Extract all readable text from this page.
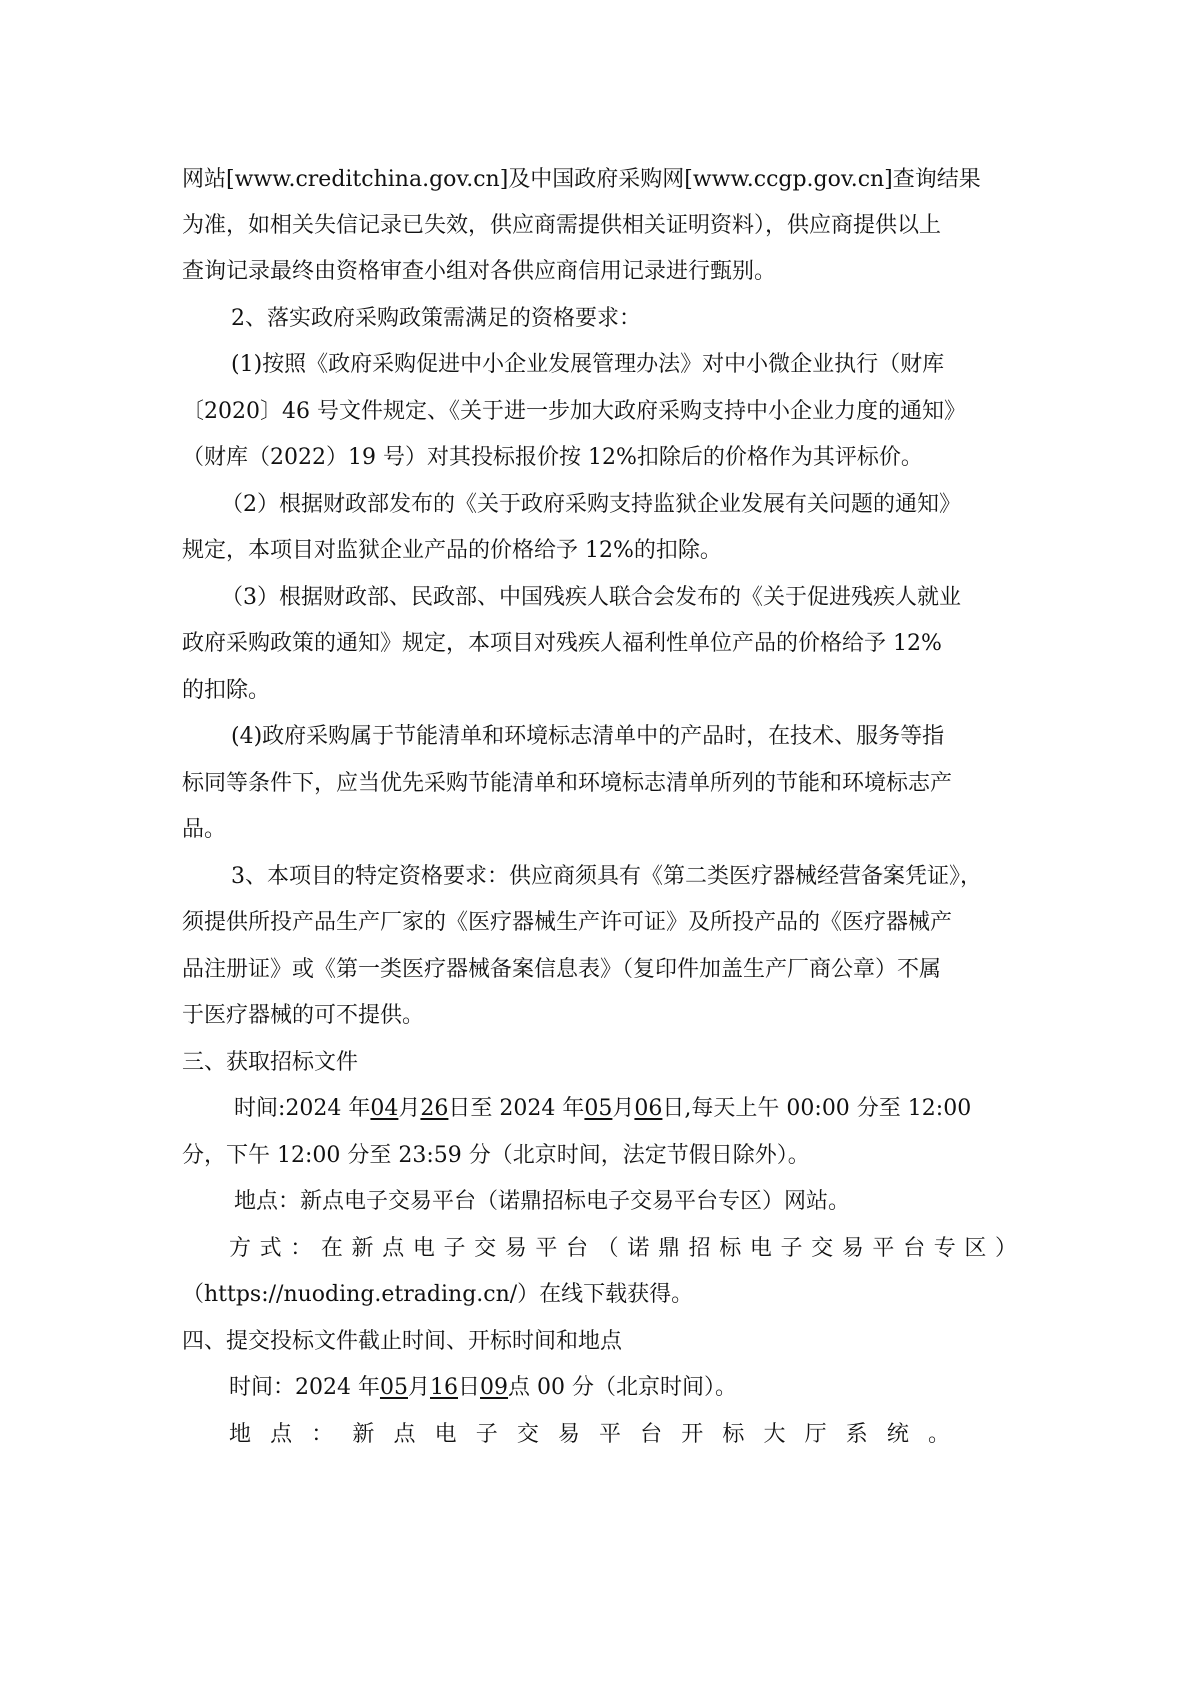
网站[www.creditchina.gov.cn]及中国政府采购网[www.ccgp.gov.cn]查询结果
为准，如相关失信记录已失效，供应商需提供相关证明资料），供应商提供以上
查询记录最终由资格审查小组对各供应商信用记录进行甄别。
2、落实政府采购政策需满足的资格要求：
(1)按照《政府采购促进中小企业发展管理办法》对中小微企业执行（财库
〔2020〕46 号文件规定、《关于进一步加大政府采购支持中小企业力度的通知》
（财库（2022）19 号）对其投标报价按 12%扣除后的价格作为其评标价。
（2）根据财政部发布的《关于政府采购支持监狱企业发展有关问题的通知》
规定，本项目对监狱企业产品的价格给予 12%的扣除。
（3）根据财政部、民政部、中国残疾人联合会发布的《关于促进残疾人就业
政府采购政策的通知》规定，本项目对残疾人福利性单位产品的价格给予 12%
的扣除。
(4)政府采购属于节能清单和环境标志清单中的产品时，在技术、服务等指
标同等条件下，应当优先采购节能清单和环境标志清单所列的节能和环境标志产
品。
3、本项目的特定资格要求：供应商须具有《第二类医疗器械经营备案凭证》，
须提供所投产品生产厂家的《医疗器械生产许可证》及所投产品的《医疗器械产
品注册证》或《第一类医疗器械备案信息表》（复印件加盖生产厂商公章）不属
于医疗器械的可不提供。
三、获取招标文件
时间:2024 年04月26日至 2024 年05月06日,每天上午 00:00 分至 12:00
分，下午 12:00 分至 23:59 分（北京时间，法定节假日除外）。
地点：新点电子交易平台（诺鼎招标电子交易平台专区）网站。
方式：在新点电子交易平台（诺鼎招标电子交易平台专区）
（https://nuoding.etrading.cn/）在线下载获得。
四、提交投标文件截止时间、开标时间和地点
时间：2024 年05月16日09点 00 分（北京时间）。
地点：新点电子交易平台开标大厅系统。
